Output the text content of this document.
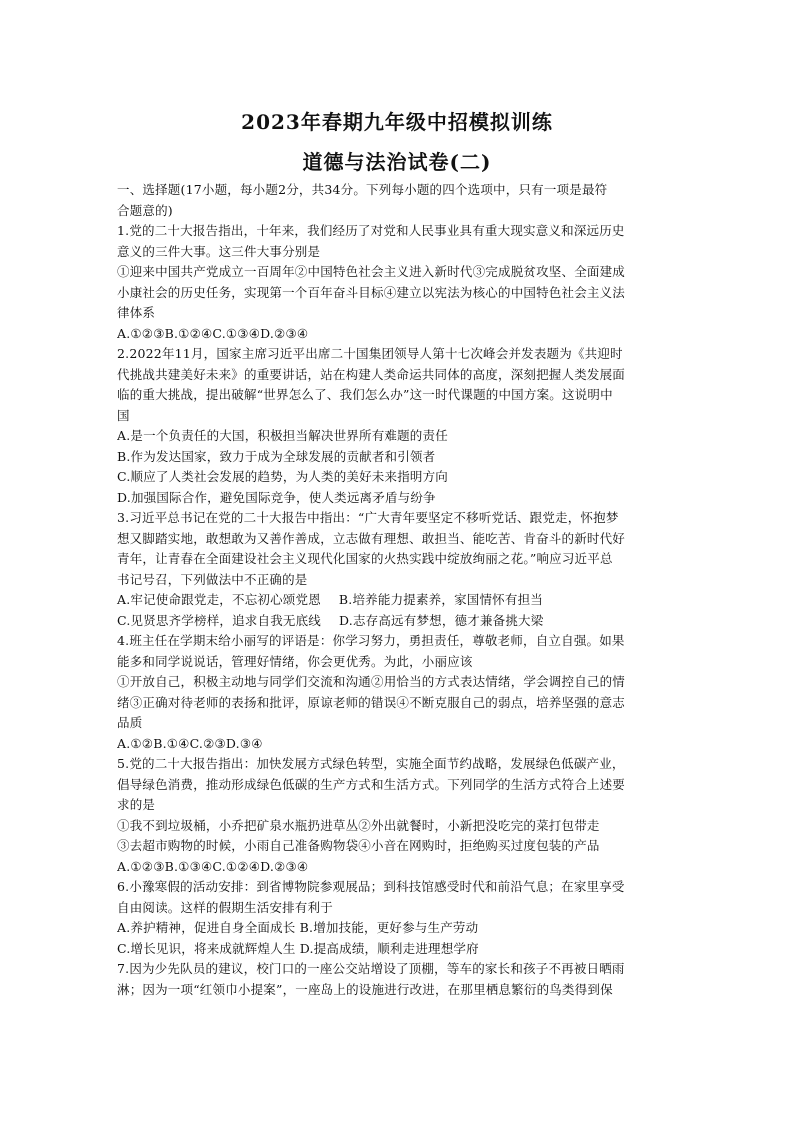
2023年春期九年级中招模拟训练
道德与法治试卷(二)
一、选择题(17小题，每小题2分，共34分。下列每小题的四个选项中，只有一项是最符
合题意的)
1.党的二十大报告指出，十年来，我们经历了对党和人民事业具有重大现实意义和深远历史
意义的三件大事。这三件大事分别是
①迎来中国共产党成立一百周年②中国特色社会主义进入新时代③完成脱贫攻坚、全面建成
小康社会的历史任务，实现第一个百年奋斗目标④建立以宪法为核心的中国特色社会主义法
律体系
A.①②③B.①②④C.①③④D.②③④
2.2022年11月，国家主席习近平出席二十国集团领导人第十七次峰会并发表题为《共迎时
代挑战共建美好未来》的重要讲话，站在构建人类命运共同体的高度，深刻把握人类发展面
临的重大挑战，提出破解“世界怎么了、我们怎么办”这一时代课题的中国方案。这说明中
国
A.是一个负责任的大国，积极担当解决世界所有难题的责任
B.作为发达国家，致力于成为全球发展的贡献者和引领者
C.顺应了人类社会发展的趋势，为人类的美好未来指明方向
D.加强国际合作，避免国际竞争，使人类远离矛盾与纷争
3.习近平总书记在党的二十大报告中指出：“广大青年要坚定不移听党话、跟党走，怀抱梦
想又脚踏实地，敢想敢为又善作善成，立志做有理想、敢担当、能吃苦、肯奋斗的新时代好
青年，让青春在全面建设社会主义现代化国家的火热实践中绽放绚丽之花。”响应习近平总
书记号召，下列做法中不正确的是
A.牢记使命跟党走，不忘初心颂党恩 B.培养能力提素养，家国情怀有担当
C.见贤思齐学榜样，追求自我无底线 D.志存高远有梦想，德才兼备挑大梁
4.班主任在学期末给小丽写的评语是：你学习努力，勇担责任，尊敬老师，自立自强。如果
能多和同学说说话，管理好情绪，你会更优秀。为此，小丽应该
①开放自己，积极主动地与同学们交流和沟通②用恰当的方式表达情绪，学会调控自己的情
绪③正确对待老师的表扬和批评，原谅老师的错误④不断克服自己的弱点，培养坚强的意志
品质
A.①②B.①④C.②③D.③④
5.党的二十大报告指出：加快发展方式绿色转型，实施全面节约战略，发展绿色低碳产业，
倡导绿色消费，推动形成绿色低碳的生产方式和生活方式。下列同学的生活方式符合上述要
求的是
①我不到垃圾桶，小乔把矿泉水瓶扔进草丛②外出就餐时，小新把没吃完的菜打包带走
③去超市购物的时候，小雨自己准备购物袋④小音在网购时，拒绝购买过度包装的产品
A.①②③B.①③④C.①②④D.②③④
6.小豫寒假的活动安排：到省博物院参观展品；到科技馆感受时代和前沿气息；在家里享受
自由阅读。这样的假期生活安排有利于
A.养护精神，促进自身全面成长 B.增加技能，更好参与生产劳动
C.增长见识，将来成就辉煌人生 D.提高成绩，顺利走进理想学府
7.因为少先队员的建议，校门口的一座公交站增设了顶棚，等车的家长和孩子不再被日晒雨
淋；因为一项“红领巾小提案”，一座岛上的设施进行改进，在那里栖息繁衍的鸟类得到保
